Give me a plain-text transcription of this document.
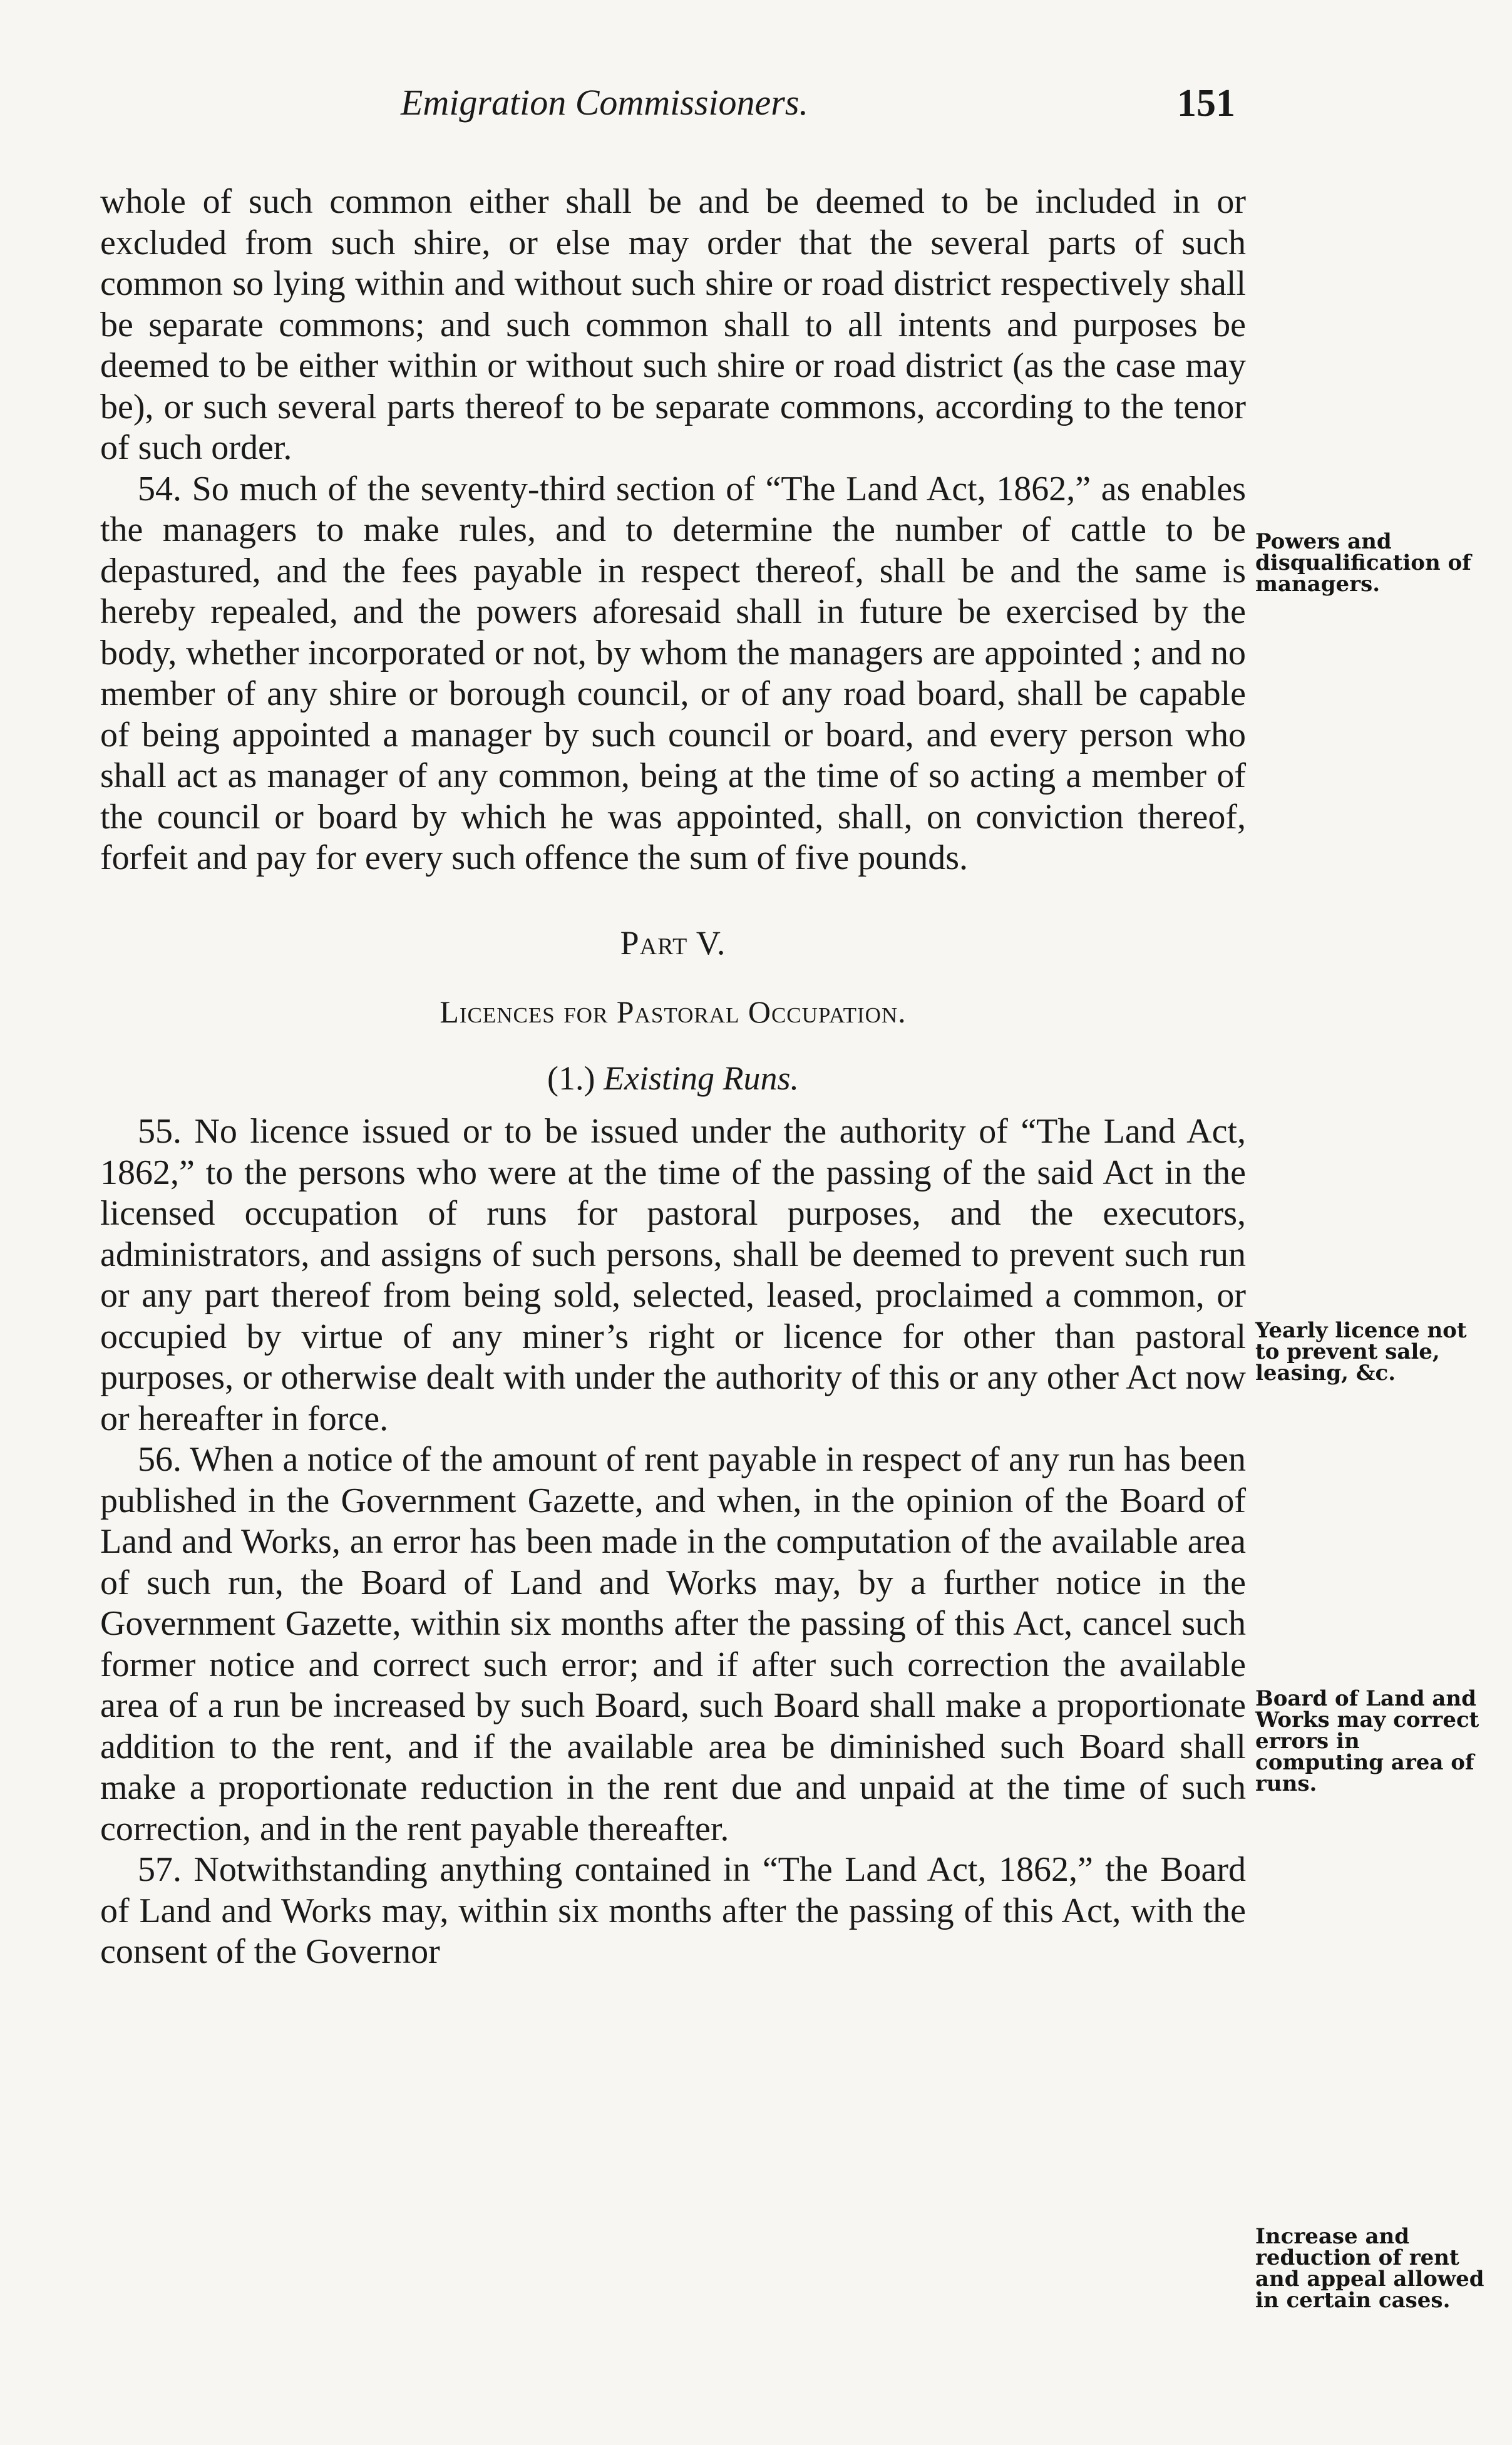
Emigration Commissioners.	151

whole of such common either shall be and be deemed to be included in or excluded from such shire, or else may order that the several parts of such common so lying within and without such shire or road district respectively shall be separate commons; and such common shall to all intents and purposes be deemed to be either within or without such shire or road district (as the case may be), or such several parts thereof to be separate commons, according to the tenor of such order.

54. So much of the seventy-third section of “The Land Act, 1862,” as enables the managers to make rules, and to determine the number of cattle to be depastured, and the fees payable in respect thereof, shall be and the same is hereby repealed, and the powers aforesaid shall in future be exercised by the body, whether incorporated or not, by whom the managers are appointed ; and no member of any shire or borough council, or of any road board, shall be capable of being appointed a manager by such council or board, and every person who shall act as manager of any common, being at the time of so acting a member of the council or board by which he was appointed, shall, on conviction thereof, forfeit and pay for every such offence the sum of five pounds.

Part V.

Licences for Pastoral Occupation.

(1.) Existing Runs.

55. No licence issued or to be issued under the authority of “The Land Act, 1862,” to the persons who were at the time of the passing of the said Act in the licensed occupation of runs for pastoral purposes, and the executors, administrators, and assigns of such persons, shall be deemed to prevent such run or any part thereof from being sold, selected, leased, proclaimed a common, or occupied by virtue of any miner’s right or licence for other than pastoral purposes, or otherwise dealt with under the authority of this or any other Act now or hereafter in force.

56. When a notice of the amount of rent payable in respect of any run has been published in the Government Gazette, and when, in the opinion of the Board of Land and Works, an error has been made in the computation of the available area of such run, the Board of Land and Works may, by a further notice in the Government Gazette, within six months after the passing of this Act, cancel such former notice and correct such error; and if after such correction the available area of a run be increased by such Board, such Board shall make a proportionate addition to the rent, and if the available area be diminished such Board shall make a proportionate reduction in the rent due and unpaid at the time of such correction, and in the rent payable thereafter.

57. Notwithstanding anything contained in “The Land Act, 1862,” the Board of Land and Works may, within six months after the passing of this Act, with the consent of the Governor

Powers and disqualification of managers.
Yearly licence not to prevent sale, leasing, &c.
Board of Land and Works may correct errors in computing area of runs.
Increase and reduction of rent and appeal allowed in certain cases.
